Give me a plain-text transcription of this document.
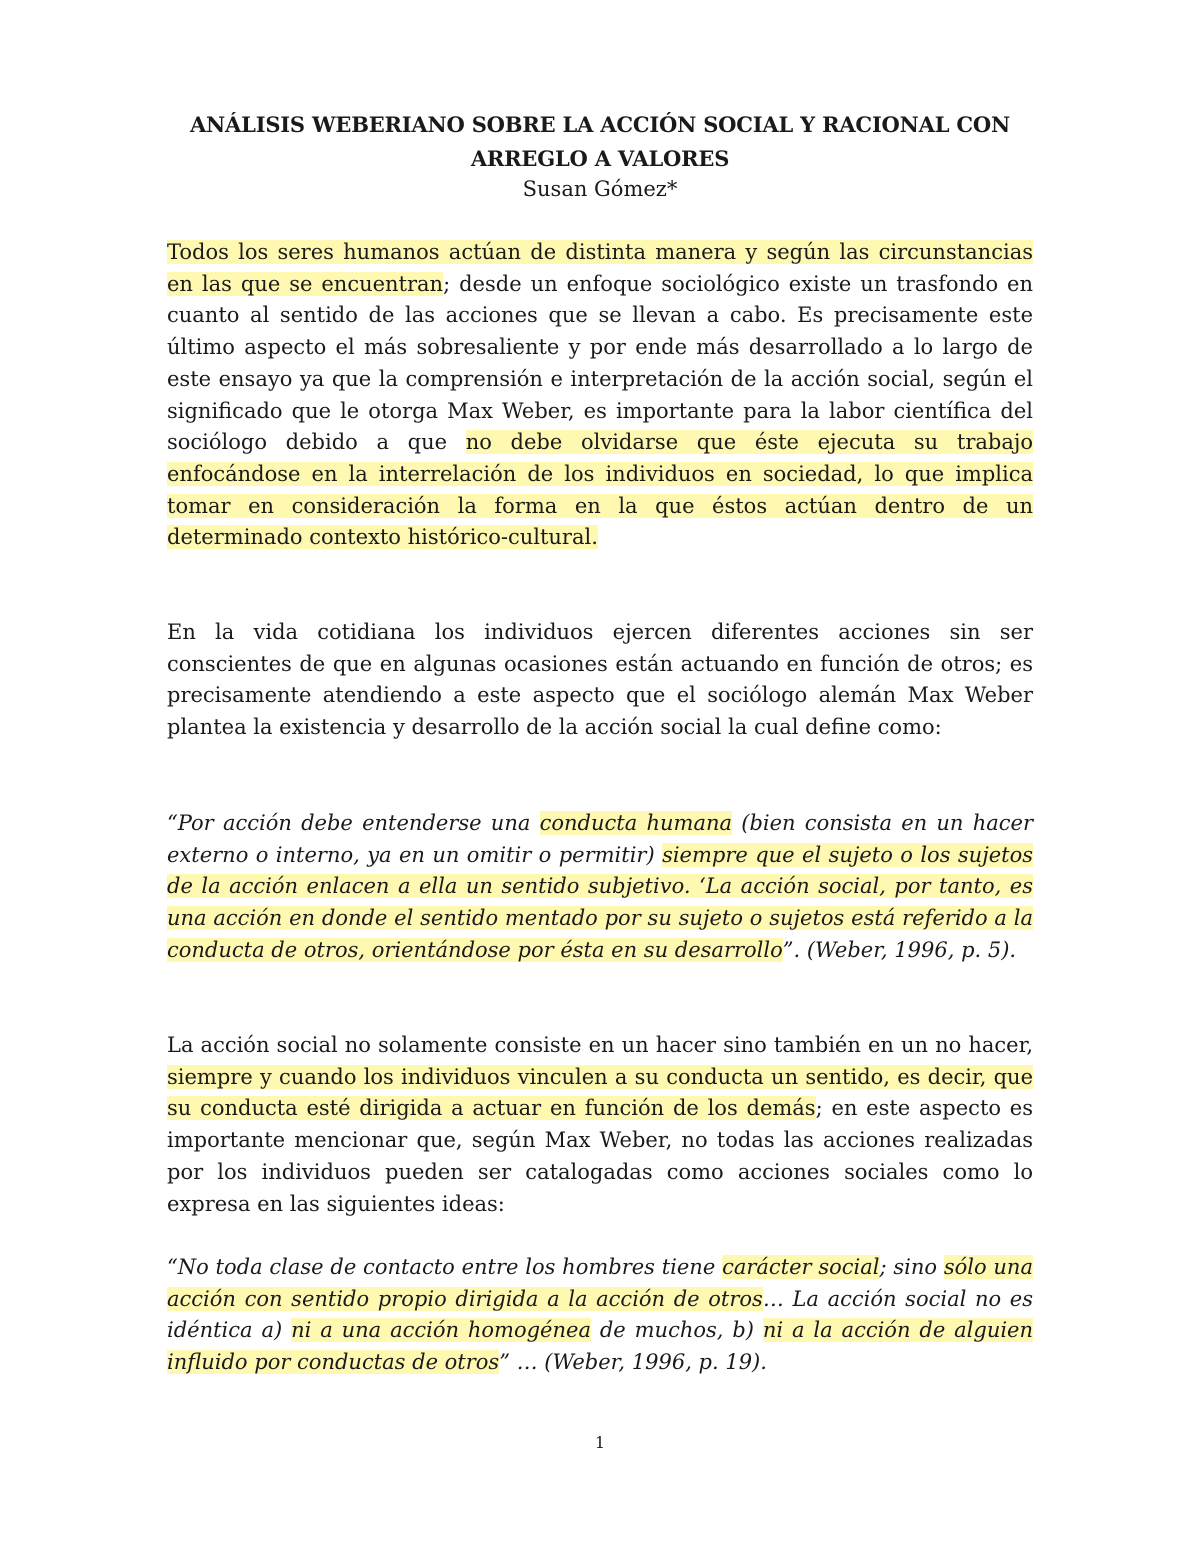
ANÁLISIS WEBERIANO SOBRE LA ACCIÓN SOCIAL Y RACIONAL CON ARREGLO A VALORES

Susan Gómez*

Todos los seres humanos actúan de distinta manera y según las circunstancias en las que se encuentran; desde un enfoque sociológico existe un trasfondo en cuanto al sentido de las acciones que se llevan a cabo. Es precisamente este último aspecto el más sobresaliente y por ende más desarrollado a lo largo de este ensayo ya que la comprensión e interpretación de la acción social, según el significado que le otorga Max Weber, es importante para la labor científica del sociólogo debido a que no debe olvidarse que éste ejecuta su trabajo enfocándose en la interrelación de los individuos en sociedad, lo que implica tomar en consideración la forma en la que éstos actúan dentro de un determinado contexto histórico-cultural.

En la vida cotidiana los individuos ejercen diferentes acciones sin ser conscientes de que en algunas ocasiones están actuando en función de otros; es precisamente atendiendo a este aspecto que el sociólogo alemán Max Weber plantea la existencia y desarrollo de la acción social la cual define como:

“Por acción debe entenderse una conducta humana (bien consista en un hacer externo o interno, ya en un omitir o permitir) siempre que el sujeto o los sujetos de la acción enlacen a ella un sentido subjetivo. ‘La acción social, por tanto, es una acción en donde el sentido mentado por su sujeto o sujetos está referido a la conducta de otros, orientándose por ésta en su desarrollo”. (Weber, 1996, p. 5).

La acción social no solamente consiste en un hacer sino también en un no hacer, siempre y cuando los individuos vinculen a su conducta un sentido, es decir, que su conducta esté dirigida a actuar en función de los demás; en este aspecto es importante mencionar que, según Max Weber, no todas las acciones realizadas por los individuos pueden ser catalogadas como acciones sociales como lo expresa en las siguientes ideas:

“No toda clase de contacto entre los hombres tiene carácter social; sino sólo una acción con sentido propio dirigida a la acción de otros… La acción social no es idéntica a) ni a una acción homogénea de muchos, b) ni a la acción de alguien influido por conductas de otros” … (Weber, 1996, p. 19).

1
